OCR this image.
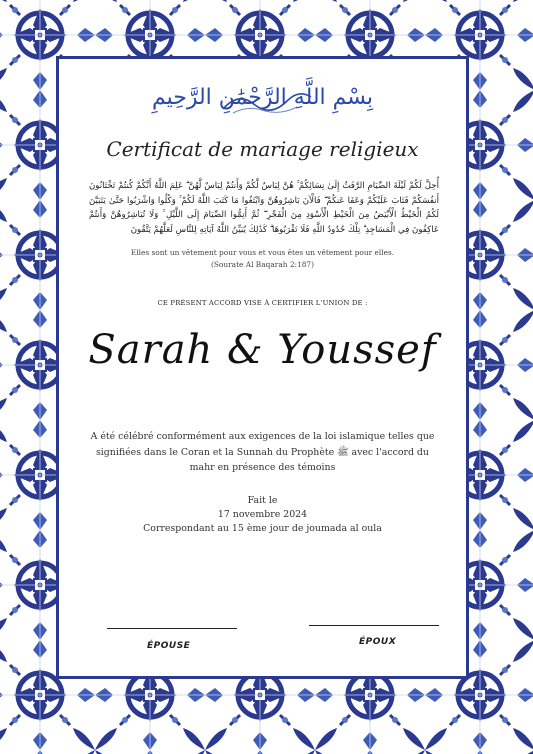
بِسْمِ اللَّهِ الرَّحْمَٰنِ الرَّحِيمِ
Certificat de mariage religieux
أُحِلَّ لَكُمْ لَيْلَةَ الصِّيَامِ الرَّفَثُ إِلَىٰ نِسَائِكُمْ ۚ هُنَّ لِبَاسٌ لَّكُمْ وَأَنتُمْ لِبَاسٌ لَّهُنَّ ۗ عَلِمَ اللَّهُ أَنَّكُمْ كُنتُمْ تَخْتَانُونَ أَنفُسَكُمْ فَتَابَ عَلَيْكُمْ وَعَفَا عَنكُمْ ۖ فَالْآنَ بَاشِرُوهُنَّ وَابْتَغُوا مَا كَتَبَ اللَّهُ لَكُمْ ۚ وَكُلُوا وَاشْرَبُوا حَتَّىٰ يَتَبَيَّنَ لَكُمُ الْخَيْطُ الْأَبْيَضُ مِنَ الْخَيْطِ الْأَسْوَدِ مِنَ الْفَجْرِ ۖ ثُمَّ أَتِمُّوا الصِّيَامَ إِلَى اللَّيْلِ ۚ وَلَا تُبَاشِرُوهُنَّ وَأَنتُمْ عَاكِفُونَ فِي الْمَسَاجِدِ ۗ تِلْكَ حُدُودُ اللَّهِ فَلَا تَقْرَبُوهَا ۗ كَذَٰلِكَ يُبَيِّنُ اللَّهُ آيَاتِهِ لِلنَّاسِ لَعَلَّهُمْ يَتَّقُونَ
Elles sont un vêtement pour vous et vous êtes un vêtement pour elles.
(Sourate Al Baqarah 2:187)
CE PRÉSENT ACCORD VISE À CERTIFIER L'UNION DE :
Sarah & Youssef
A été célébré conformément aux exigences de la loi islamique telles que
signifiées dans le Coran et la Sunnah du Prophète ﷺ avec l'accord du
mahr en présence des témoins
Fait le
17 novembre 2024
Correspondant au 15 ème jour de joumada al oula
ÉPOUSE	ÉPOUX
